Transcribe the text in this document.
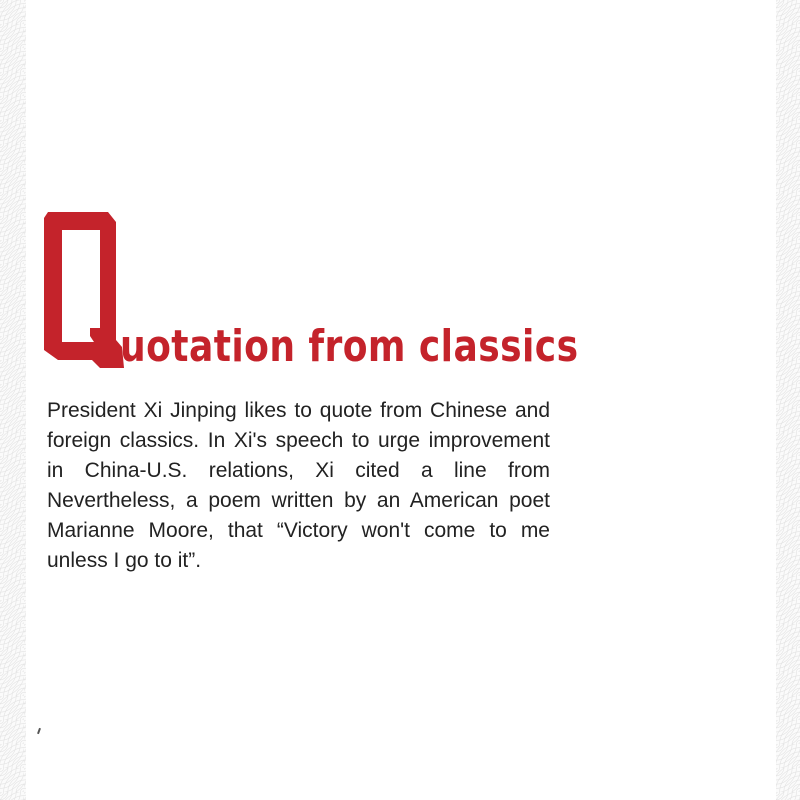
uotation from classics
President Xi Jinping likes to quote from Chinese and foreign classics. In Xi's speech to urge improvement in China-U.S. relations, Xi cited a line from Nevertheless, a poem written by an American poet Marianne Moore, that “Victory won't come to me unless I go to it”.
